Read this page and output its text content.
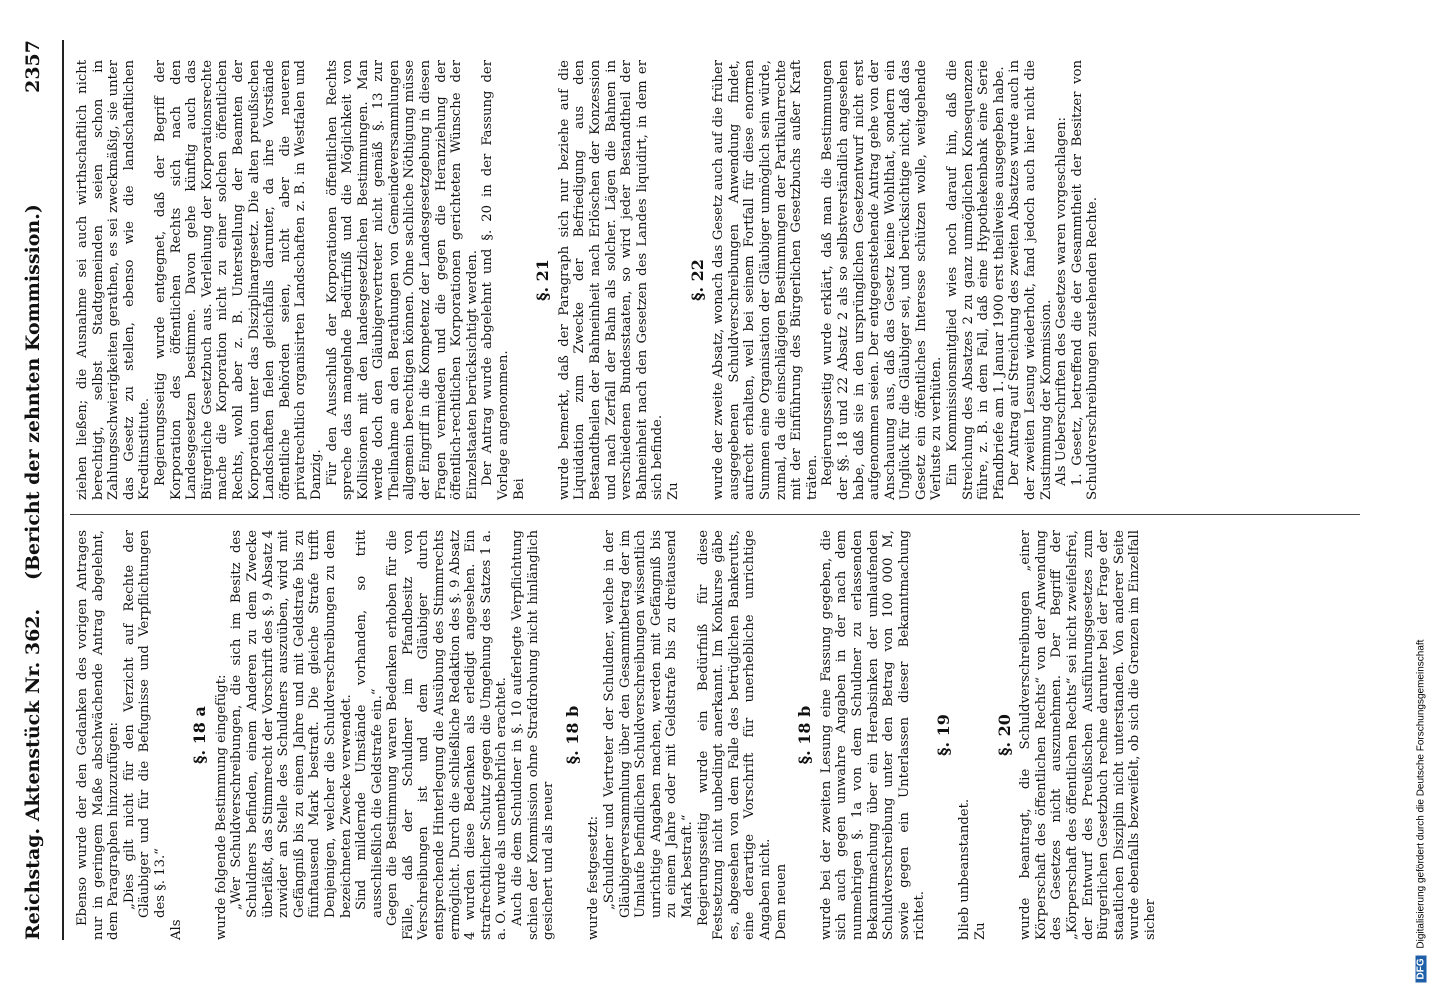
Reichstag. Aktenstück Nr. 362.
(Bericht der zehnten Kommission.)
2357

Ebenso wurde der den Gedanken des vorigen Antrages nur in geringem Maße abschwächende Antrag abgelehnt, dem Paragraphen hinzuzufügen: „Dies gilt nicht für den Verzicht auf Rechte der Gläubiger und für die Befugnisse und Verpflichtungen des §. 13.“

Als

§. 18 a wurde folgende Bestimmung eingefügt: „Wer Schuldverschreibungen, die sich im Besitz des Schuldners befinden, einem Anderen zu dem Zwecke überläßt, das Stimmrecht der Vorschrift des §. 9 Absatz 4 zuwider an Stelle des Schuldners auszuüben, wird mit Gefängniß bis zu einem Jahre und mit Geldstrafe bis zu fünftausend Mark bestraft. Die gleiche Strafe trifft Denjenigen, welcher die Schuldverschreibungen zu dem bezeichneten Zwecke verwendet. Sind mildernde Umstände vorhanden, so tritt ausschließlich die Geldstrafe ein.“ Gegen die Bestimmung waren Bedenken erhoben für die Fälle, daß der Schuldner im Pfandbesitz von Verschreibungen ist und dem Gläubiger durch entsprechende Hinterlegung die Ausübung des Stimmrechts ermöglicht. Durch die schließliche Redaktion des §. 9 Absatz 4 wurden diese Bedenken als erledigt angesehen. Ein strafrechtlicher Schutz gegen die Umgehung des Satzes 1 a. a. O. wurde als unentbehrlich erachtet. Auch die dem Schuldner in §. 10 auferlegte Verpflichtung schien der Kommission ohne Strafdrohung nicht hinlänglich gesichert und als neuer

§. 18 b

wurde festgesetzt: „Schuldner und Vertreter der Schuldner, welche in der Gläubigerversammlung über den Gesammtbetrag der im Umlaufe befindlichen Schuldverschreibungen wissentlich unrichtige Angaben machen, werden mit Gefängniß bis zu einem Jahre oder mit Geldstrafe bis zu dreitausend Mark bestraft.“ Regierungsseitig wurde ein Bedürfniß für diese Festsetzung nicht unbedingt anerkannt. Im Konkurse gäbe es, abgesehen von dem Falle des betrüglichen Bankerutts, eine derartige Vorschrift für unerhebliche unrichtige Angaben nicht. Dem neuen

§. 18 b wurde bei der zweiten Lesung eine Fassung gegeben, die sich auch gegen unwahre Angaben in der nach dem nunmehrigen §. 1a von dem Schuldner zu erlassenden Bekanntmachung über ein Herabsinken der umlaufenden Schuldverschreibung unter den Betrag von 100 000 M, sowie gegen ein Unterlassen dieser Bekanntmachung richtet.

§. 19

blieb unbeanstandet. Zu

§. 20 wurde beantragt, die Schuldverschreibungen „einer Körperschaft des öffentlichen Rechts“ von der Anwendung des Gesetzes nicht auszunehmen. Der Begriff der „Körperschaft des öffentlichen Rechts“ sei nicht zweifelsfrei, der Entwurf des Preußischen Ausführungsgesetzes zum Bürgerlichen Gesetzbuch rechne darunter bei der Frage der staatlichen Disziplin nicht unterstanden. Von anderer Seite wurde ebenfalls bezweifelt, ob sich die Grenzen im Einzelfall sicher

ziehen ließen; die Ausnahme sei auch wirthschaftlich nicht berechtigt, selbst Stadtgemeinden seien schon in Zahlungsschwierigkeiten gerathen, es sei zweckmäßig, sie unter das Gesetz zu stellen, ebenso wie die landschaftlichen Kreditinstitute. Regierungsseitig wurde entgegnet, daß der Begriff der Korporation des öffentlichen Rechts sich nach den Landesgesetzen bestimme. Davon gehe künftig auch das Bürgerliche Gesetzbuch aus. Verleihung der Korporationsrechte mache die Korporation nicht zu einer solchen öffentlichen Rechts, wohl aber z. B. Unterstellung der Beamten der Korporation unter das Disziplinargesetz. Die alten preußischen Landschaften fielen gleichfalls darunter, da ihre Vorstände öffentliche Behörden seien, nicht aber die neueren privatrechtlich organisirten Landschaften z. B. in Westfalen und Danzig. Für den Ausschluß der Korporationen öffentlichen Rechts spreche das mangelnde Bedürfniß und die Möglichkeit von Kollisionen mit den landesgesetzlichen Bestimmungen. Man werde doch den Gläubigervertreter nicht gemäß §. 13 zur Theilnahme an den Berathungen von Gemeindeversammlungen allgemein berechtigen können. Ohne sachliche Nöthigung müsse der Eingriff in die Kompetenz der Landesgesetzgebung in diesen Fragen vermieden und die gegen die Heranziehung der öffentlich-rechtlichen Korporationen gerichteten Wünsche der Einzelstaaten berücksichtigt werden. Der Antrag wurde abgelehnt und §. 20 in der Fassung der Vorlage angenommen. Bei

§. 21 wurde bemerkt, daß der Paragraph sich nur beziehe auf die Liquidation zum Zwecke der Befriedigung aus den Bestandtheilen der Bahneinheit nach Erlöschen der Konzession und nach Zerfall der Bahn als solcher. Lägen die Bahnen in verschiedenen Bundesstaaten, so wird jeder Bestandtheil der Bahneinheit nach den Gesetzen des Landes liquidirt, in dem er sich befinde. Zu

§. 22 wurde der zweite Absatz, wonach das Gesetz auch auf die früher ausgegebenen Schuldverschreibungen Anwendung findet, aufrecht erhalten, weil bei seinem Fortfall für diese enormen Summen eine Organisation der Gläubiger unmöglich sein würde, zumal, da die einschlägigen Bestimmungen der Partikularrechte mit der Einführung des Bürgerlichen Gesetzbuchs außer Kraft träten. Regierungsseitig wurde erklärt, daß man die Bestimmungen der §§. 18 und 22 Absatz 2 als so selbstverständlich angesehen habe, daß sie in den ursprünglichen Gesetzentwurf nicht erst aufgenommen seien. Der entgegenstehende Antrag gehe von der Anschauung aus, daß das Gesetz keine Wohlthat, sondern ein Unglück für die Gläubiger sei, und berücksichtige nicht, daß das Gesetz ein öffentliches Interesse schützen wolle, weitgehende Verluste zu verhüten. Ein Kommissionsmitglied wies noch darauf hin, daß die Streichung des Absatzes 2 zu ganz unmöglichen Konsequenzen führe, z. B. in dem Fall, daß eine Hypothekenbank eine Serie Pfandbriefe am 1. Januar 1900 erst theilweise ausgegeben habe. Der Antrag auf Streichung des zweiten Absatzes wurde auch in der zweiten Lesung wiederholt, fand jedoch auch hier nicht die Zustimmung der Kommission. Als Ueberschriften des Gesetzes waren vorgeschlagen: 1. Gesetz, betreffend die der Gesammtheit der Besitzer von Schuldverschreibungen zustehenden Rechte.

DFG Digitalisierung gefördert durch die Deutsche Forschungsgemeinschaft
